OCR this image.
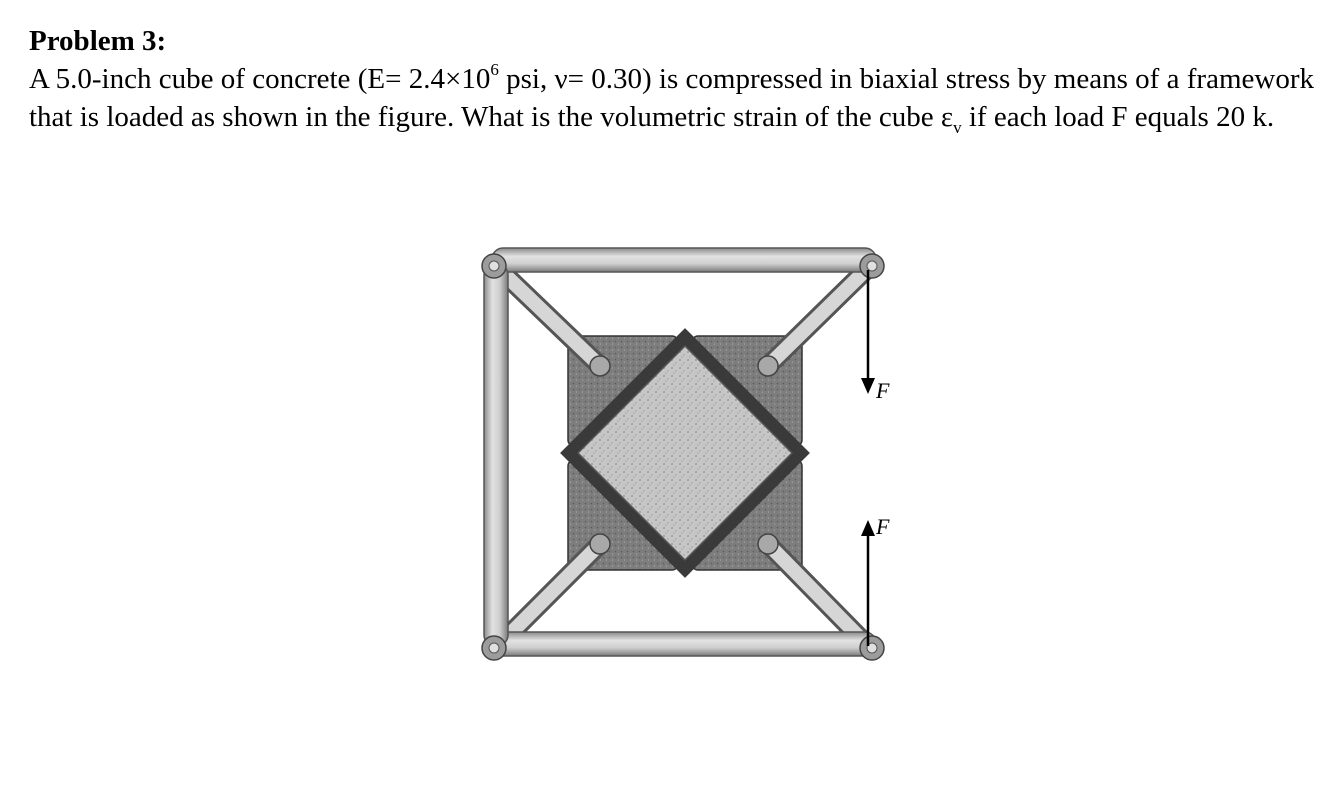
Problem 3:

A 5.0-inch cube of concrete ($E= 2.4\times 10^6$ psi, ν= 0.30) is compressed in biaxial stress by means of a framework that is loaded as shown in the figure. What is the volumetric strain of the cube $\varepsilon_v$ if each load F equals 20 k.

F
F
